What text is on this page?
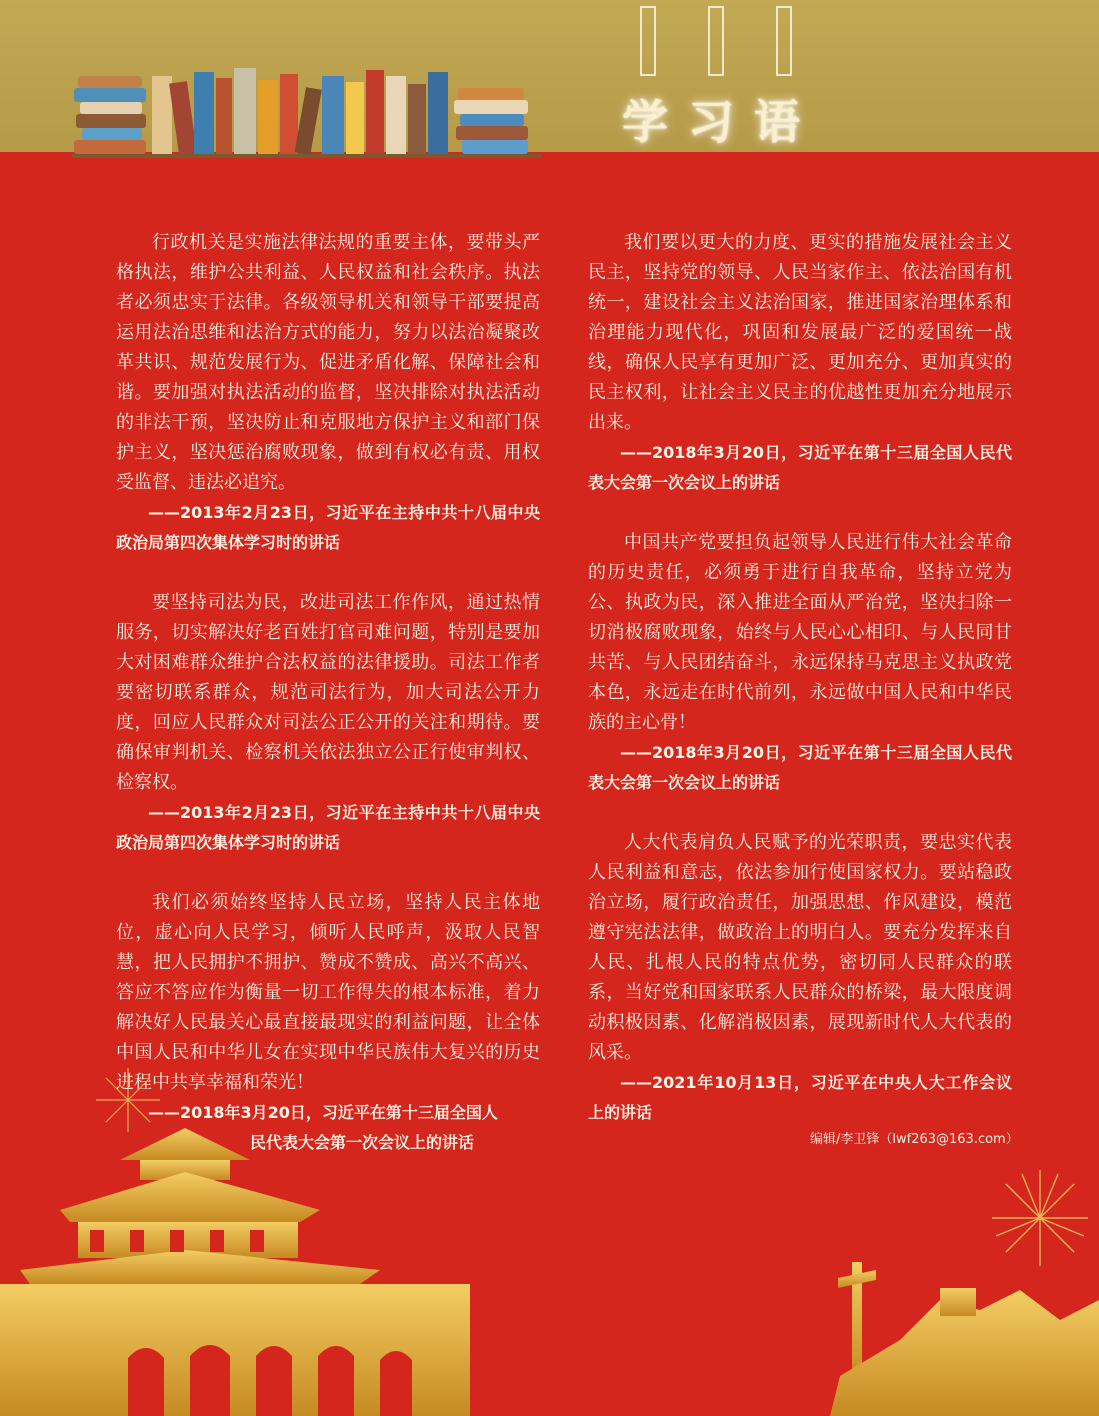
学习语

行政机关是实施法律法规的重要主体，要带头严格执法，维护公共利益、人民权益和社会秩序。执法者必须忠实于法律。各级领导机关和领导干部要提高运用法治思维和法治方式的能力，努力以法治凝聚改革共识、规范发展行为、促进矛盾化解、保障社会和谐。要加强对执法活动的监督，坚决排除对执法活动的非法干预，坚决防止和克服地方保护主义和部门保护主义，坚决惩治腐败现象，做到有权必有责、用权受监督、违法必追究。

——2013年2月23日，习近平在主持中共十八届中央政治局第四次集体学习时的讲话

要坚持司法为民，改进司法工作作风，通过热情服务，切实解决好老百姓打官司难问题，特别是要加大对困难群众维护合法权益的法律援助。司法工作者要密切联系群众，规范司法行为，加大司法公开力度，回应人民群众对司法公正公开的关注和期待。要确保审判机关、检察机关依法独立公正行使审判权、检察权。

——2013年2月23日，习近平在主持中共十八届中央政治局第四次集体学习时的讲话

我们必须始终坚持人民立场，坚持人民主体地位，虚心向人民学习，倾听人民呼声，汲取人民智慧，把人民拥护不拥护、赞成不赞成、高兴不高兴、答应不答应作为衡量一切工作得失的根本标准，着力解决好人民最关心最直接最现实的利益问题，让全体中国人民和中华儿女在实现中华民族伟大复兴的历史进程中共享幸福和荣光！

——2018年3月20日，习近平在第十三届全国人

民代表大会第一次会议上的讲话

我们要以更大的力度、更实的措施发展社会主义民主，坚持党的领导、人民当家作主、依法治国有机统一，建设社会主义法治国家，推进国家治理体系和治理能力现代化，巩固和发展最广泛的爱国统一战线，确保人民享有更加广泛、更加充分、更加真实的民主权利，让社会主义民主的优越性更加充分地展示出来。

——2018年3月20日，习近平在第十三届全国人民代表大会第一次会议上的讲话

中国共产党要担负起领导人民进行伟大社会革命的历史责任，必须勇于进行自我革命，坚持立党为公、执政为民，深入推进全面从严治党，坚决扫除一切消极腐败现象，始终与人民心心相印、与人民同甘共苦、与人民团结奋斗，永远保持马克思主义执政党本色，永远走在时代前列，永远做中国人民和中华民族的主心骨！

——2018年3月20日，习近平在第十三届全国人民代表大会第一次会议上的讲话

人大代表肩负人民赋予的光荣职责，要忠实代表人民利益和意志，依法参加行使国家权力。要站稳政治立场，履行政治责任，加强思想、作风建设，模范遵守宪法法律，做政治上的明白人。要充分发挥来自人民、扎根人民的特点优势，密切同人民群众的联系，当好党和国家联系人民群众的桥梁，最大限度调动积极因素、化解消极因素，展现新时代人大代表的风采。

——2021年10月13日，习近平在中央人大工作会议上的讲话

编辑/李卫锋（lwf263@163.com）
